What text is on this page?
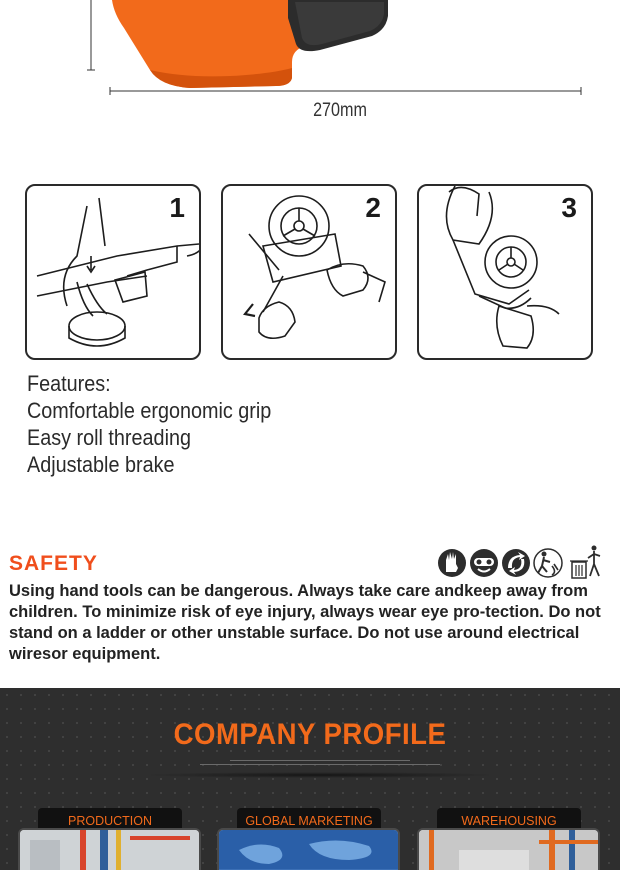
270mm
1	2	3
Features:
Comfortable ergonomic grip
Easy roll threading
Adjustable brake
SAFETY
Using hand tools can be dangerous. Always take care andkeep away from children. To minimize risk of eye injury, always wear eye pro-tection. Do not stand on a ladder or other unstable surface. Do not use around electrical wiresor equipment.
COMPANY PROFILE
PRODUCTION	GLOBAL MARKETING	WAREHOUSING
